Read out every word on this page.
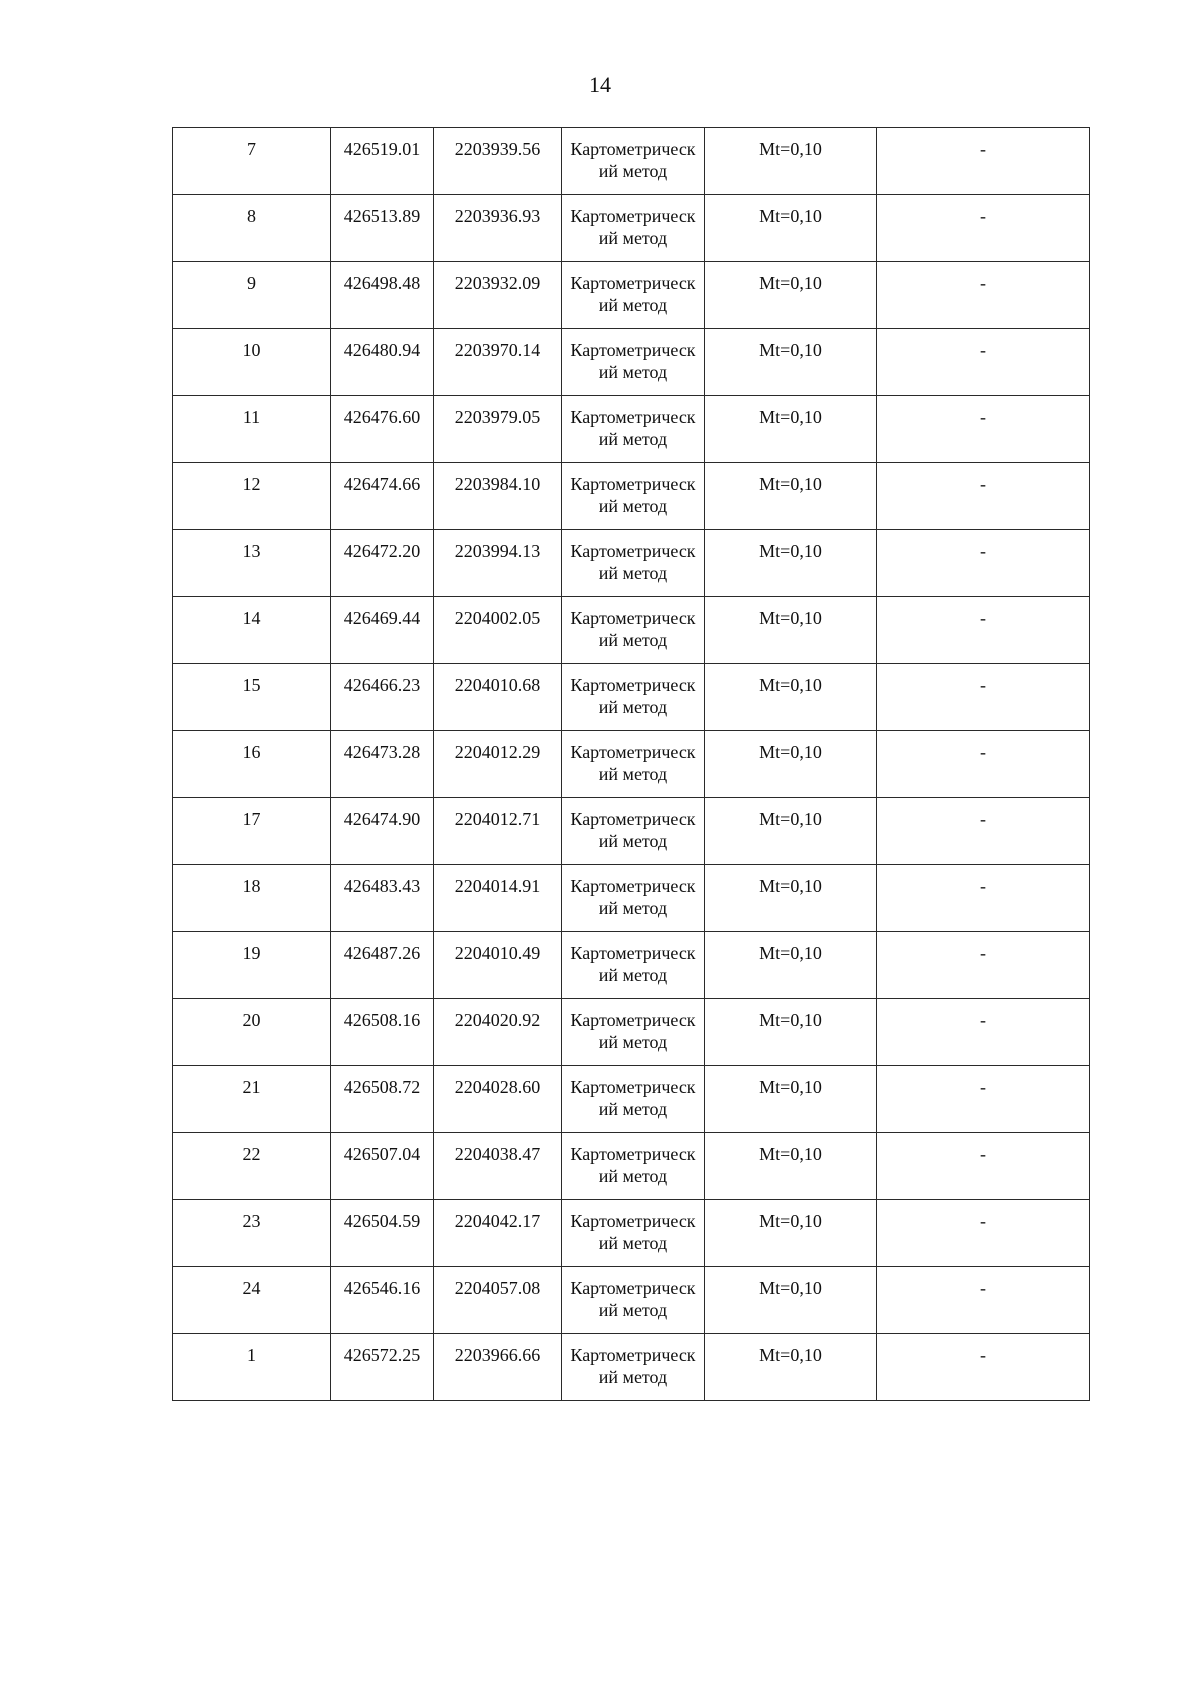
14
7	426519.01	2203939.56	Картометрический метод	Mt=0,10	-
8	426513.89	2203936.93	Картометрический метод	Mt=0,10	-
9	426498.48	2203932.09	Картометрический метод	Mt=0,10	-
10	426480.94	2203970.14	Картометрический метод	Mt=0,10	-
11	426476.60	2203979.05	Картометрический метод	Mt=0,10	-
12	426474.66	2203984.10	Картометрический метод	Mt=0,10	-
13	426472.20	2203994.13	Картометрический метод	Mt=0,10	-
14	426469.44	2204002.05	Картометрический метод	Mt=0,10	-
15	426466.23	2204010.68	Картометрический метод	Mt=0,10	-
16	426473.28	2204012.29	Картометрический метод	Mt=0,10	-
17	426474.90	2204012.71	Картометрический метод	Mt=0,10	-
18	426483.43	2204014.91	Картометрический метод	Mt=0,10	-
19	426487.26	2204010.49	Картометрический метод	Mt=0,10	-
20	426508.16	2204020.92	Картометрический метод	Mt=0,10	-
21	426508.72	2204028.60	Картометрический метод	Mt=0,10	-
22	426507.04	2204038.47	Картометрический метод	Mt=0,10	-
23	426504.59	2204042.17	Картометрический метод	Mt=0,10	-
24	426546.16	2204057.08	Картометрический метод	Mt=0,10	-
1	426572.25	2203966.66	Картометрический метод	Mt=0,10	-
